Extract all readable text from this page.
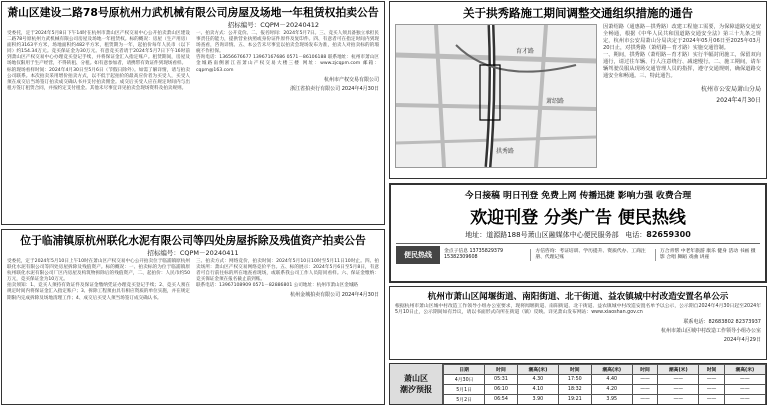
萧山区建设二路78号原杭州力武机械有限公司房屋及场地一年租赁权拍卖公告
招标编号：CQPM－20240412
受委托，定于2024年5月8日下午14时在杭州市萧山区产权交易中心公开拍卖萧山区建设二路78号原杭州力武机械有限公司房屋及场地一年租赁权。标的概况：房屋（生产用房）面积约3163平方米，场地面积约482平方米，租赁期为一年，起拍价每年人民币（以下同）约154.34万元。竞买保证金为30万元。有意竞买者请于2024年5月7日下午16时前到萧山区产权交易中心办理竞买登记手续，并将保证金汇入指定账户。租赁期间，房屋及场地仅限用于生产经营，不得转租、分租。如有意参加者，请携带有效证件到现场看样。
标的现场看样时间：2024年4月30日至5月6日（节假日除外）。如需了解详情，请与拍卖公司联系。本次拍卖采用增价拍卖方式，以不低于起拍价的最高应价者为买受人，买受人须在成交后当场签订拍卖成交确认书并支付拍卖佣金。成交后买受人应在规定时间内与出租方签订租赁合同，并按约定支付租金。其他未尽事宜详见拍卖会现场资料及拍卖规则。
一、拍卖方式：公开竞价。二、报名时间：2024年5月7日。三、竞买人须具备独立承担民事责任的能力，提供营业执照或身份证件原件及复印件。四、有意者可在指定时间内到现场查看，咨询详情。五、本公告未尽事宜以拍卖会现场发布为准，拍卖人对拍卖标的的瑕疵不作担保。
咨询电话：13656676677 13967167686 0571－86106188 联系地址：杭州市萧山区金城路南侧浙江省萧山产权交易大楼三楼 网址：www.zjcqpm.com 邮箱：cqpm@163.com
杭州市产权交易有限公司
浙江省拍卖行有限公司 2024年4月30日
关于拱秀路施工期间调整交通组织措施的通告
育才路
萧绍路
拱秀路
因萧绍路（通惠路－拱秀路）改建工程施工需要，为保障道路交通安全畅通，根据《中华人民共和国道路交通安全法》第三十九条之规定，杭州市公安局萧山分局决定于2024年05月06日至2025年03月20日止，对拱秀路（萧绍路－育才路）实施交通管制。
一、期间，拱秀路（萧绍路－育才路）实行半幅封闭施工，保留双向通行，请过往车辆、行人注意绕行、减速慢行。二、施工期间，请车辆驾驶员服从现场交通管理人员的指挥，遵守交通规则，确保道路交通安全和畅通。三、特此通告。
杭州市公安局萧山分局
2024年4月30日
位于临浦镇原杭州联化水泥有限公司等四处房屋拆除及残值资产拍卖公告
招标编号：CQPM－20240411
受委托，定于2024年5月10日上午10时在萧山区产权交易中心公开拍卖位于临浦镇原杭州联化水泥有限公司等四处房屋拆除及残值资产。标的概况：一、拍卖标的为位于临浦镇原杭州联化水泥有限公司厂区内房屋及构筑物拆除后的残值资产，二、起拍价：人民币约50万元，竞买保证金为10万元。
拍卖须知：1、竞买人须持有效证件及保证金缴纳凭证办理竞买登记手续；2、竞买人须在规定时间内将保证金汇入指定账户；3、拆除工程须由具有相应资质的单位实施，并在规定期限内完成拆除及场地清理工作；4、成交后买受人须当场签订成交确认书。
三、拍卖方式：网络竞价，拍卖时间：2024年5月10日10时至5月11日10时止。四、拍卖场所：萧山区产权交易网络竞价平台。五、标的展示：2024年5月6日至5月8日，有意者可自行前往标的所在地查看现场，或联系我公司工作人员陪同看样。六、保证金缴纳：竞买保证金须在报名截止前到账。
联系电话：13967108909 0571－82886801 公司地址：杭州市萧山区金城路
杭州金城拍卖有限公司 2024年4月30日
今日接稿 明日刊登 免费上网 传播迅捷 影响力强 收费合理
欢迎刊登 分类广告 便民热线
地址：道源路188号萧山区融媒体中心便民服务部 电话：82659300
便民热线	金点子信息 13735829379 15382309608
方信咨询：考证培训、学历提升、资质代办、工商注册、代理记账
万合青帮 中老年旅游 康乐 健身 活动 书画 摄影 合唱 舞蹈 戏曲 讲座
杭州市萧山区闻堰街道、南阳街道、北干街道、益农镇城中村改造安置名单公示
根据杭州市萧山区城中村改造工作领导小组办公室要求，现将闻堰街道、南阳街道、北干街道、益农镇城中村改造安置名单予以公示，公示期自2024年4月30日起至2024年5月10日止，公示期间如有异议，请以书面形式向所在街道（镇）反映。详见萧山发布网站：www.xiaoshan.gov.cn
联系电话：82683802 82373937
杭州市萧山区城中村改造工作领导小组办公室
2024年4月29日
萧山区
潮汐预报
日期	时间	潮高(米)	时间	潮高(米)	时间	潮高(米)	时间	潮高(米)
4月30日	05:31	4.30	17:50	4.40	——	——	——	——
5月1日	06:10	4.10	18:32	4.20	——	——	——	——
5月2日	06:54	3.90	19:21	3.95	——	——	——	——
